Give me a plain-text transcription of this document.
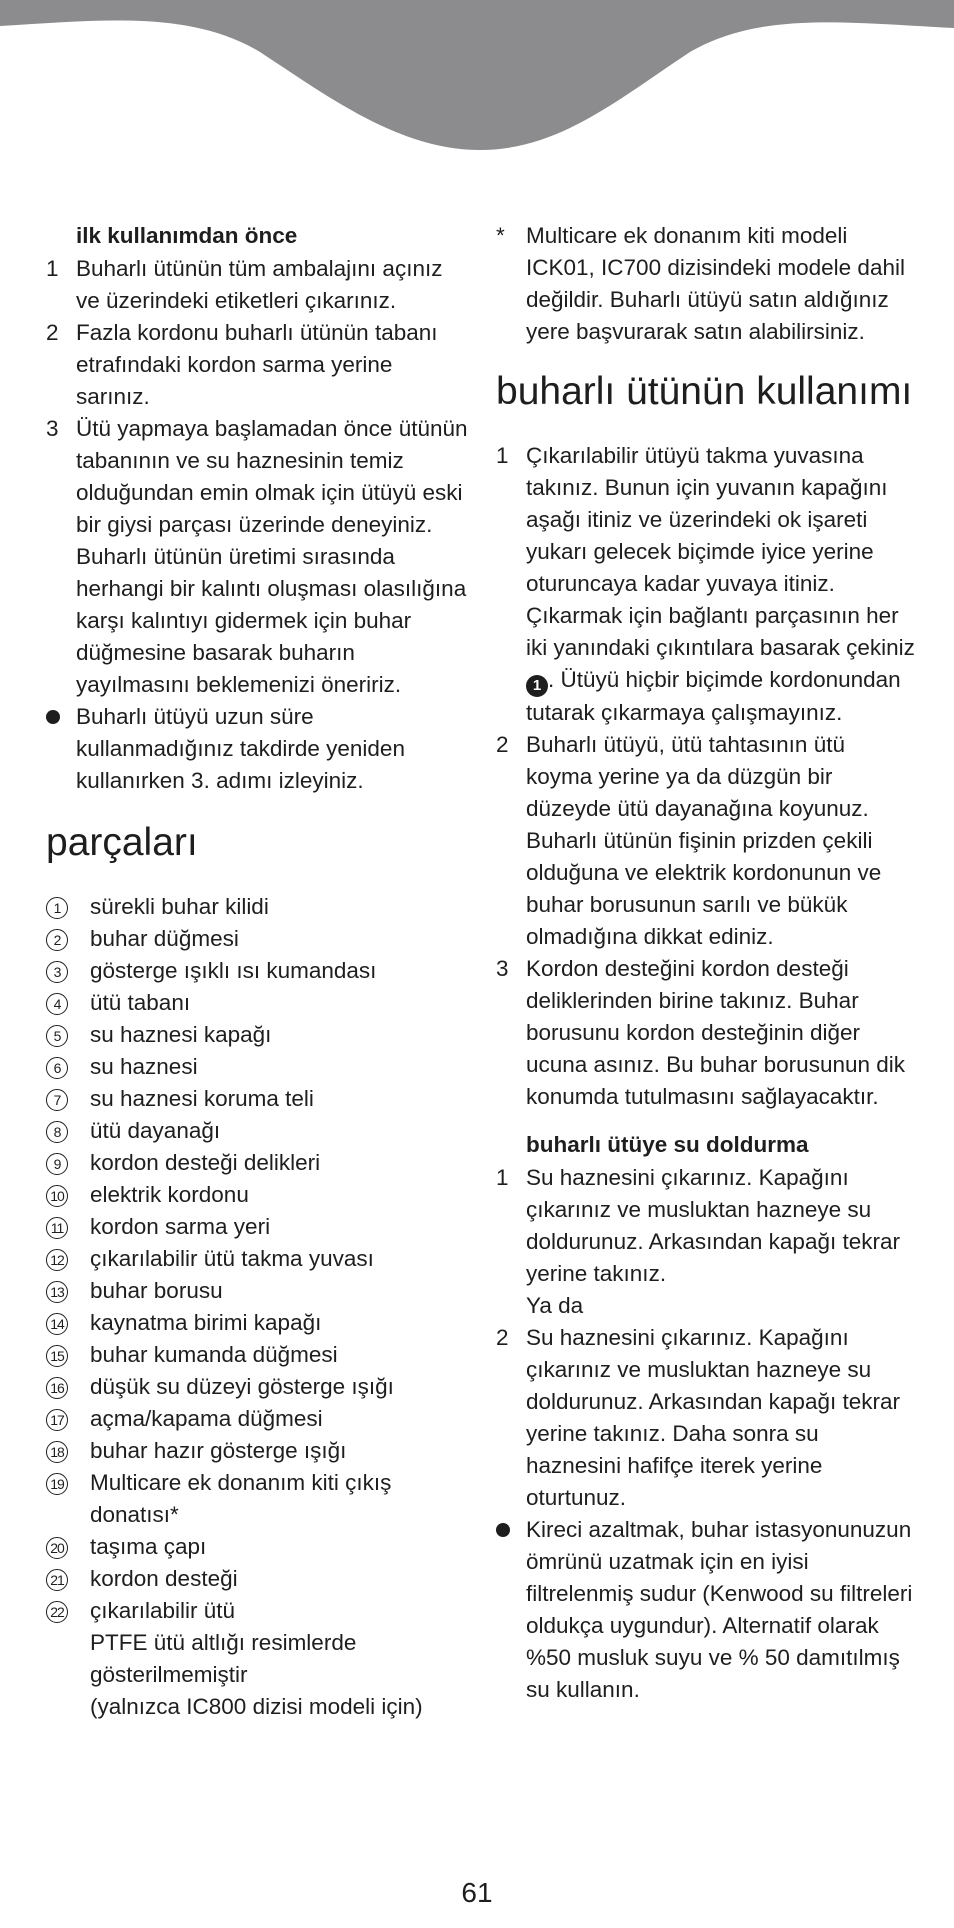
ilk kullanımdan önce
1 Buharlı ütünün tüm ambalajını açınız ve üzerindeki etiketleri çıkarınız.
2 Fazla kordonu buharlı ütünün tabanı etrafındaki kordon sarma yerine sarınız.
3 Ütü yapmaya başlamadan önce ütünün tabanının ve su haznesinin temiz olduğundan emin olmak için ütüyü eski bir giysi parçası üzerinde deneyiniz. Buharlı ütünün üretimi sırasında herhangi bir kalıntı oluşması olasılığına karşı kalıntıyı gidermek için buhar düğmesine basarak buharın yayılmasını beklemenizi öneririz.
Buharlı ütüyü uzun süre kullanmadığınız takdirde yeniden kullanırken 3. adımı izleyiniz.
parçaları
1	sürekli buhar kilidi
2	buhar düğmesi
3	gösterge ışıklı ısı kumandası
4	ütü tabanı
5	su haznesi kapağı
6	su haznesi
7	su haznesi koruma teli
8	ütü dayanağı
9	kordon desteği delikleri
10 elektrik kordonu
11 kordon sarma yeri
12 çıkarılabilir ütü takma yuvası
13 buhar borusu
14 kaynatma birimi kapağı
15 buhar kumanda düğmesi
16 düşük su düzeyi gösterge ışığı
17 açma/kapama düğmesi
18 buhar hazır gösterge ışığı
19 Multicare ek donanım kiti çıkış donatısı*
20 taşıma çapı
21 kordon desteği
22 çıkarılabilir ütü
PTFE ütü altlığı resimlerde gösterilmemiştir
(yalnızca IC800 dizisi modeli için)
* Multicare ek donanım kiti modeli ICK01, IC700 dizisindeki modele dahil değildir. Buharlı ütüyü satın aldığınız yere başvurarak satın alabilirsiniz.
buharlı ütünün kullanımı
1 Çıkarılabilir ütüyü takma yuvasına takınız. Bunun için yuvanın kapağını aşağı itiniz ve üzerindeki ok işareti yukarı gelecek biçimde iyice yerine oturuncaya kadar yuvaya itiniz. Çıkarmak için bağlantı parçasının her iki yanındaki çıkıntılara basarak çekiniz 1 . Ütüyü hiçbir biçimde kordonundan tutarak çıkarmaya çalışmayınız.
2 Buharlı ütüyü, ütü tahtasının ütü koyma yerine ya da düzgün bir düzeyde ütü dayanağına koyunuz. Buharlı ütünün fişinin prizden çekili olduğuna ve elektrik kordonunun ve buhar borusunun sarılı ve bükük olmadığına dikkat ediniz.
3 Kordon desteğini kordon desteği deliklerinden birine takınız. Buhar borusunu kordon desteğinin diğer ucuna asınız. Bu buhar borusunun dik konumda tutulmasını sağlayacaktır.
buharlı ütüye su doldurma
1 Su haznesini çıkarınız. Kapağını çıkarınız ve musluktan hazneye su doldurunuz. Arkasından kapağı tekrar yerine takınız.
Ya da
2 Su haznesini çıkarınız. Kapağını çıkarınız ve musluktan hazneye su doldurunuz. Arkasından kapağı tekrar yerine takınız. Daha sonra su haznesini hafifçe iterek yerine oturtunuz.
Kireci azaltmak, buhar istasyonunuzun ömrünü uzatmak için en iyisi filtrelenmiş sudur (Kenwood su filtreleri oldukça uygundur). Alternatif olarak %50 musluk suyu ve % 50 damıtılmış su kullanın.
61
